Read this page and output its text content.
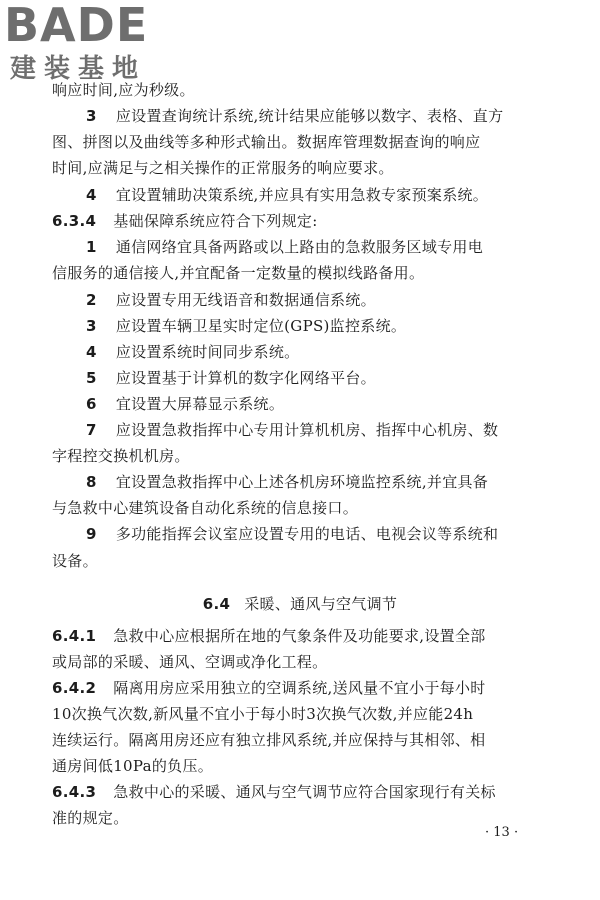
BADE
建装基地
响应时间,应为秒级。
3 应设置查询统计系统,统计结果应能够以数字、表格、直方
图、拼图以及曲线等多种形式输出。数据库管理数据查询的响应
时间,应满足与之相关操作的正常服务的响应要求。
4 宜设置辅助决策系统,并应具有实用急救专家预案系统。
6.3.4 基础保障系统应符合下列规定:
1 通信网络宜具备两路或以上路由的急救服务区域专用电
信服务的通信接人,并宜配备一定数量的模拟线路备用。
2 应设置专用无线语音和数据通信系统。
3 应设置车辆卫星实时定位(GPS)监控系统。
4 应设置系统时间同步系统。
5 应设置基于计算机的数字化网络平台。
6 宜设置大屏幕显示系统。
7 应设置急救指挥中心专用计算机机房、指挥中心机房、数
字程控交换机机房。
8 宜设置急救指挥中心上述各机房环境监控系统,并宜具备
与急救中心建筑设备自动化系统的信息接口。
9 多功能指挥会议室应设置专用的电话、电视会议等系统和
设备。
6.4 采暖、通风与空气调节
6.4.1 急救中心应根据所在地的气象条件及功能要求,设置全部
或局部的采暖、通风、空调或净化工程。
6.4.2 隔离用房应采用独立的空调系统,送风量不宜小于每小时
10次换气次数,新风量不宜小于每小时3次换气次数,并应能24h
连续运行。隔离用房还应有独立排风系统,并应保持与其相邻、相
通房间低10Pa的负压。
6.4.3 急救中心的采暖、通风与空气调节应符合国家现行有关标
准的规定。
· 13 ·
